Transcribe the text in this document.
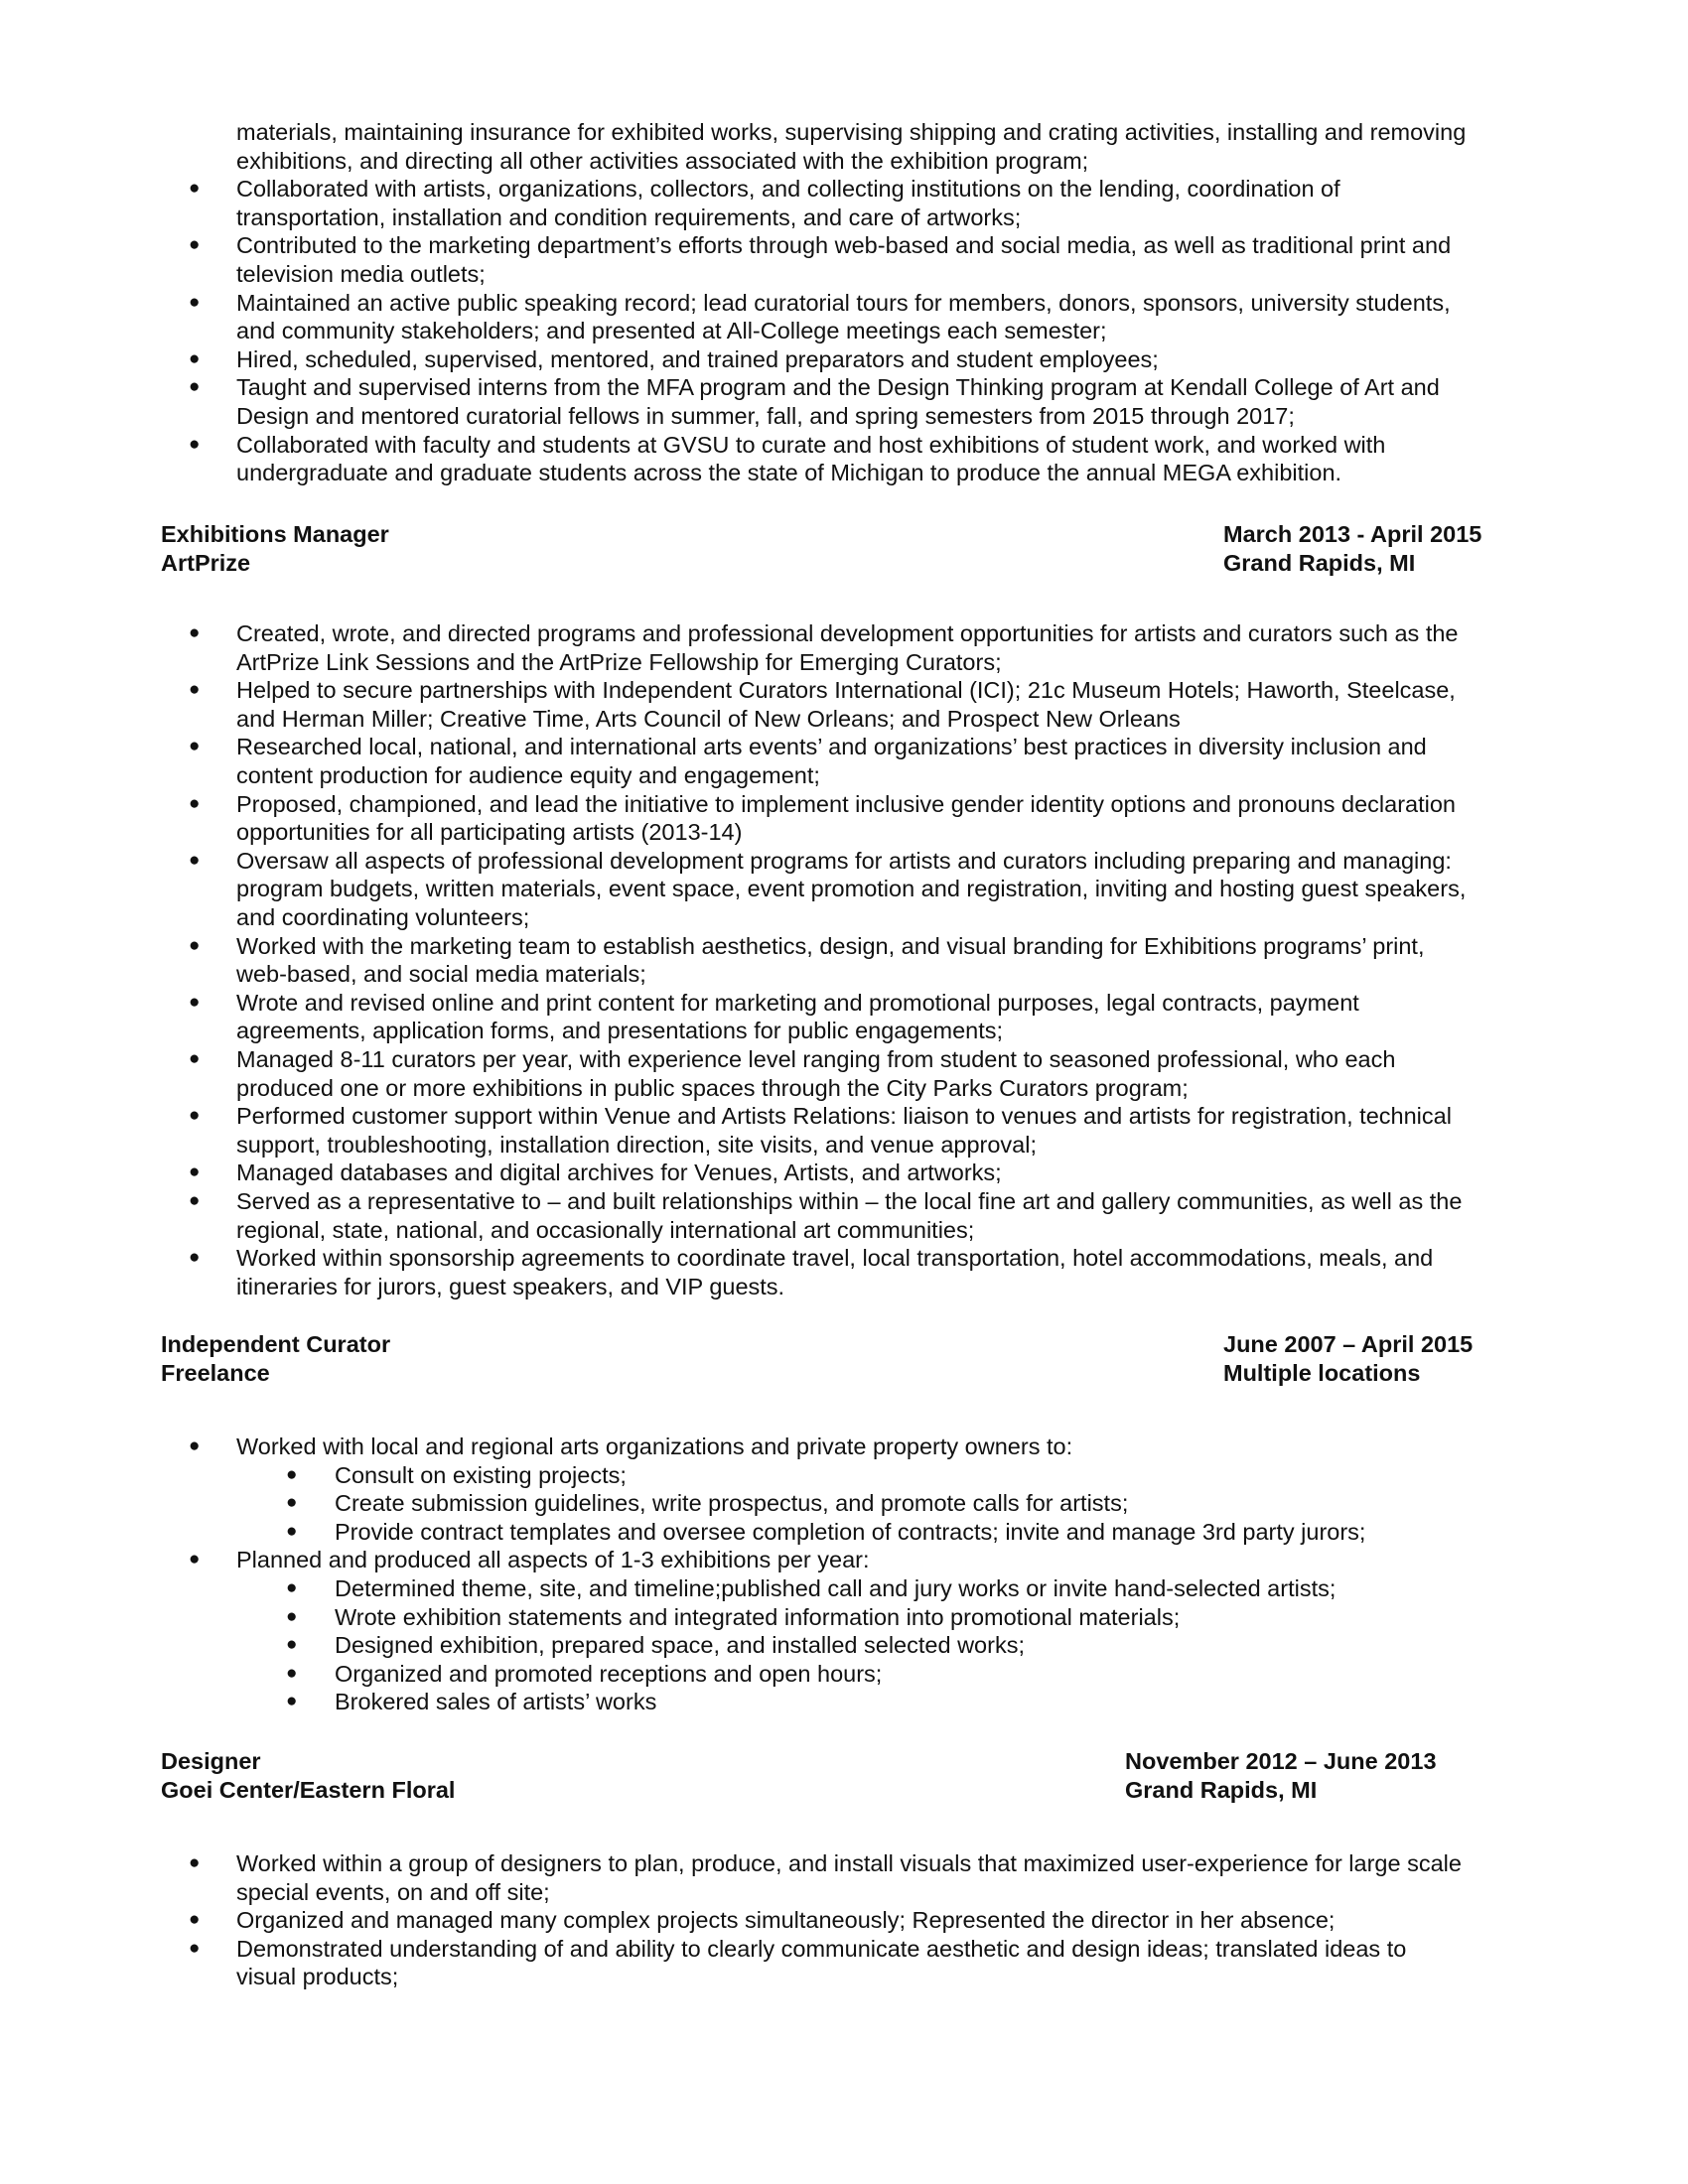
materials, maintaining insurance for exhibited works, supervising shipping and crating activities, installing and removing
exhibitions, and directing all other activities associated with the exhibition program;
● Collaborated with artists, organizations, collectors, and collecting institutions on the lending, coordination of
transportation, installation and condition requirements, and care of artworks;
● Contributed to the marketing department’s efforts through web-based and social media, as well as traditional print and
television media outlets;
● Maintained an active public speaking record; lead curatorial tours for members, donors, sponsors, university students,
and community stakeholders; and presented at All-College meetings each semester;
● Hired, scheduled, supervised, mentored, and trained preparators and student employees;
● Taught and supervised interns from the MFA program and the Design Thinking program at Kendall College of Art and
Design and mentored curatorial fellows in summer, fall, and spring semesters from 2015 through 2017;
● Collaborated with faculty and students at GVSU to curate and host exhibitions of student work, and worked with
undergraduate and graduate students across the state of Michigan to produce the annual MEGA exhibition.
Exhibitions Manager
ArtPrize
March 2013 - April 2015
Grand Rapids, MI
● Created, wrote, and directed programs and professional development opportunities for artists and curators such as the
ArtPrize Link Sessions and the ArtPrize Fellowship for Emerging Curators;
● Helped to secure partnerships with Independent Curators International (ICI); 21c Museum Hotels; Haworth, Steelcase,
and Herman Miller; Creative Time, Arts Council of New Orleans; and Prospect New Orleans
● Researched local, national, and international arts events’ and organizations’ best practices in diversity inclusion and
content production for audience equity and engagement;
● Proposed, championed, and lead the initiative to implement inclusive gender identity options and pronouns declaration
opportunities for all participating artists (2013-14)
● Oversaw all aspects of professional development programs for artists and curators including preparing and managing:
program budgets, written materials, event space, event promotion and registration, inviting and hosting guest speakers,
and coordinating volunteers;
● Worked with the marketing team to establish aesthetics, design, and visual branding for Exhibitions programs’ print,
web-based, and social media materials;
● Wrote and revised online and print content for marketing and promotional purposes, legal contracts, payment
agreements, application forms, and presentations for public engagements;
● Managed 8-11 curators per year, with experience level ranging from student to seasoned professional, who each
produced one or more exhibitions in public spaces through the City Parks Curators program;
● Performed customer support within Venue and Artists Relations: liaison to venues and artists for registration, technical
support, troubleshooting, installation direction, site visits, and venue approval;
● Managed databases and digital archives for Venues, Artists, and artworks;
● Served as a representative to – and built relationships within – the local fine art and gallery communities, as well as the
regional, state, national, and occasionally international art communities;
● Worked within sponsorship agreements to coordinate travel, local transportation, hotel accommodations, meals, and
itineraries for jurors, guest speakers, and VIP guests.
Independent Curator
Freelance
June 2007 – April 2015
Multiple locations
● Worked with local and regional arts organizations and private property owners to:
● Consult on existing projects;
● Create submission guidelines, write prospectus, and promote calls for artists;
● Provide contract templates and oversee completion of contracts; invite and manage 3rd party jurors;
● Planned and produced all aspects of 1-3 exhibitions per year:
● Determined theme, site, and timeline;published call and jury works or invite hand-selected artists;
● Wrote exhibition statements and integrated information into promotional materials;
● Designed exhibition, prepared space, and installed selected works;
● Organized and promoted receptions and open hours;
● Brokered sales of artists’ works
Designer
Goei Center/Eastern Floral
November 2012 – June 2013
Grand Rapids, MI
● Worked within a group of designers to plan, produce, and install visuals that maximized user-experience for large scale
special events, on and off site;
● Organized and managed many complex projects simultaneously; Represented the director in her absence;
● Demonstrated understanding of and ability to clearly communicate aesthetic and design ideas; translated ideas to
visual products;
